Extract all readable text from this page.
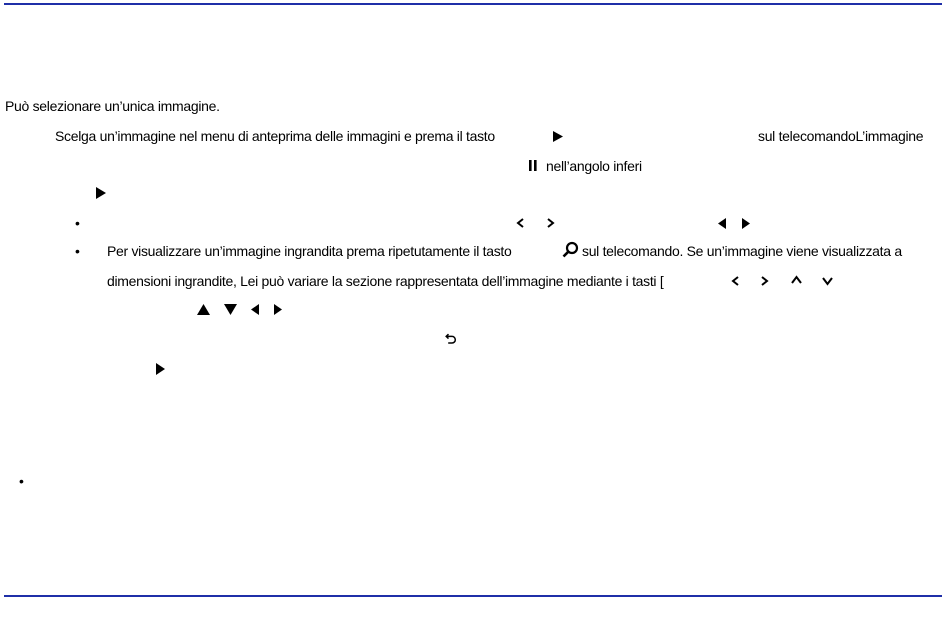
Può selezionare un’unica immagine.
Scelga un’immagine nel menu di anteprima delle immagini e prema il tasto	sul telecomandoL’immagine
nell’angolo inferi
•
• Per visualizzare un’immagine ingrandita prema ripetutamente il tasto	sul telecomando. Se un’immagine viene visualizzata a
dimensioni ingrandite, Lei può variare la sezione rappresentata dell’immagine mediante i tasti [
•
